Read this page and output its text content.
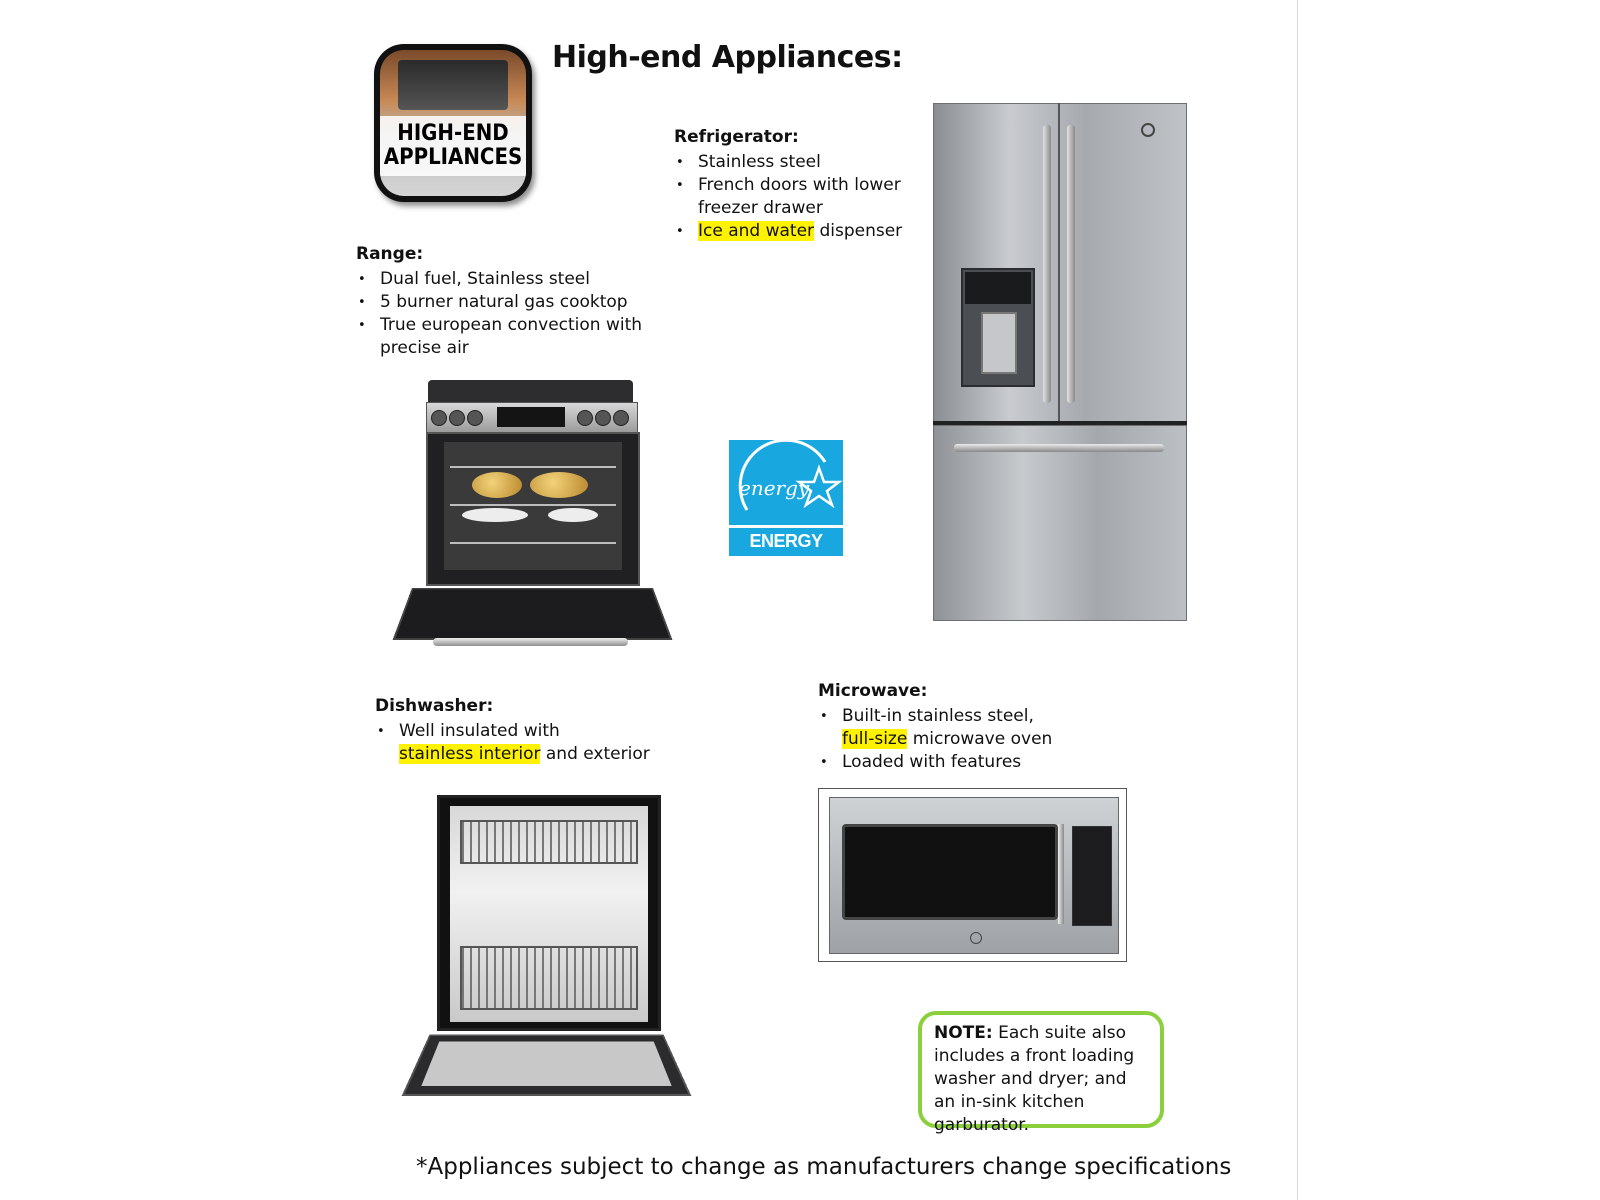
HIGH-END
APPLIANCES
High-end Appliances:
Refrigerator:
• Stainless steel
• French doors with lower freezer drawer
• Ice and water dispenser
Range:
• Dual fuel, Stainless steel
• 5 burner natural gas cooktop
• True european convection with precise air
energy
ENERGY STAR
Dishwasher:
• Well insulated with
stainless interior and exterior
Microwave:
• Built-in stainless steel,
full-size microwave oven
• Loaded with features
NOTE: Each suite also includes a front loading washer and dryer; and an in-sink kitchen garburator.
*Appliances subject to change as manufacturers change specifications
